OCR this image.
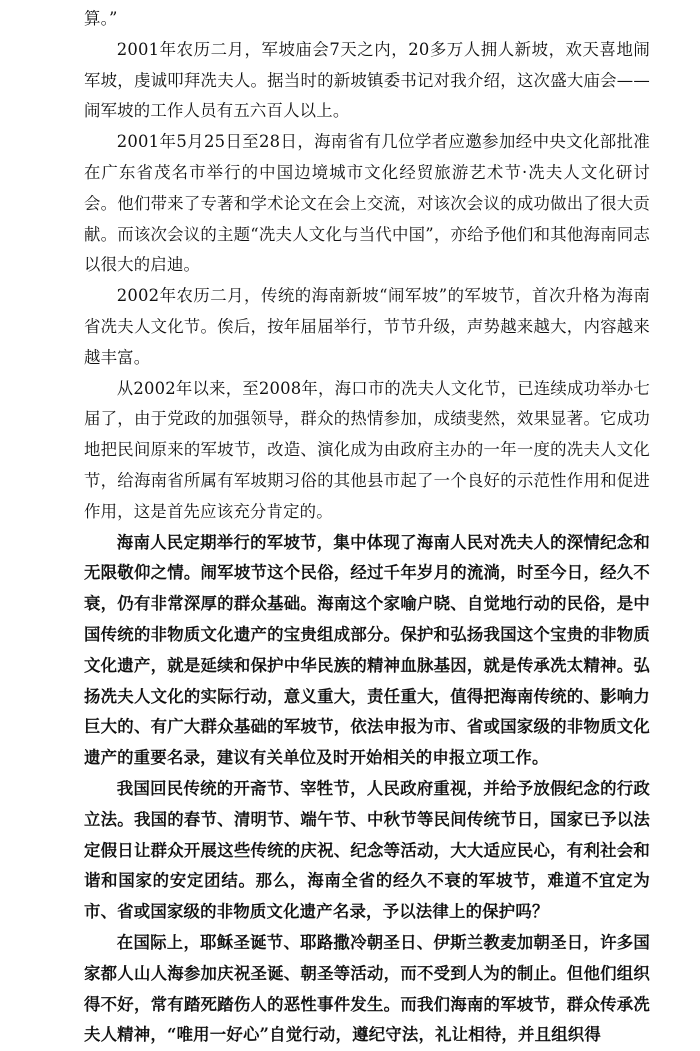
算。”

2001年农历二月，军坡庙会7天之内，20多万人拥人新坡，欢天喜地闹军坡，虔诚叩拜冼夫人。据当时的新坡镇委书记对我介绍，这次盛大庙会——闹军坡的工作人员有五六百人以上。

2001年5月25日至28日，海南省有几位学者应邀参加经中央文化部批准在广东省茂名市举行的中国边境城市文化经贸旅游艺术节·冼夫人文化研讨会。他们带来了专著和学术论文在会上交流，对该次会议的成功做出了很大贡献。而该次会议的主题“冼夫人文化与当代中国”，亦给予他们和其他海南同志以很大的启迪。

2002年农历二月，传统的海南新坡“闹军坡”的军坡节，首次升格为海南省冼夫人文化节。俟后，按年届届举行，节节升级，声势越来越大，内容越来越丰富。

从2002年以来，至2008年，海口市的冼夫人文化节，已连续成功举办七届了，由于党政的加强领导，群众的热情参加，成绩斐然，效果显著。它成功地把民间原来的军坡节，改造、演化成为由政府主办的一年一度的冼夫人文化节，给海南省所属有军坡期习俗的其他县市起了一个良好的示范性作用和促进作用，这是首先应该充分肯定的。

海南人民定期举行的军坡节，集中体现了海南人民对冼夫人的深情纪念和无限敬仰之情。闹军坡节这个民俗，经过千年岁月的流淌，时至今日，经久不衰，仍有非常深厚的群众基础。海南这个家喻户晓、自觉地行动的民俗，是中国传统的非物质文化遗产的宝贵组成部分。保护和弘扬我国这个宝贵的非物质文化遗产，就是延续和保护中华民族的精神血脉基因，就是传承冼太精神。弘扬冼夫人文化的实际行动，意义重大，责任重大，值得把海南传统的、影响力巨大的、有广大群众基础的军坡节，依法申报为市、省或国家级的非物质文化遗产的重要名录，建议有关单位及时开始相关的申报立项工作。

我国回民传统的开斋节、宰牲节，人民政府重视，并给予放假纪念的行政立法。我国的春节、清明节、端午节、中秋节等民间传统节日，国家已予以法定假日让群众开展这些传统的庆祝、纪念等活动，大大适应民心，有利社会和谐和国家的安定团结。那么，海南全省的经久不衰的军坡节，难道不宜定为市、省或国家级的非物质文化遗产名录，予以法律上的保护吗？

在国际上，耶稣圣诞节、耶路撒冷朝圣日、伊斯兰教麦加朝圣日，许多国家都人山人海参加庆祝圣诞、朝圣等活动，而不受到人为的制止。但他们组织得不好，常有踏死踏伤人的恶性事件发生。而我们海南的军坡节，群众传承冼夫人精神，“唯用一好心”自觉行动，遵纪守法，礼让相待，并且组织得
